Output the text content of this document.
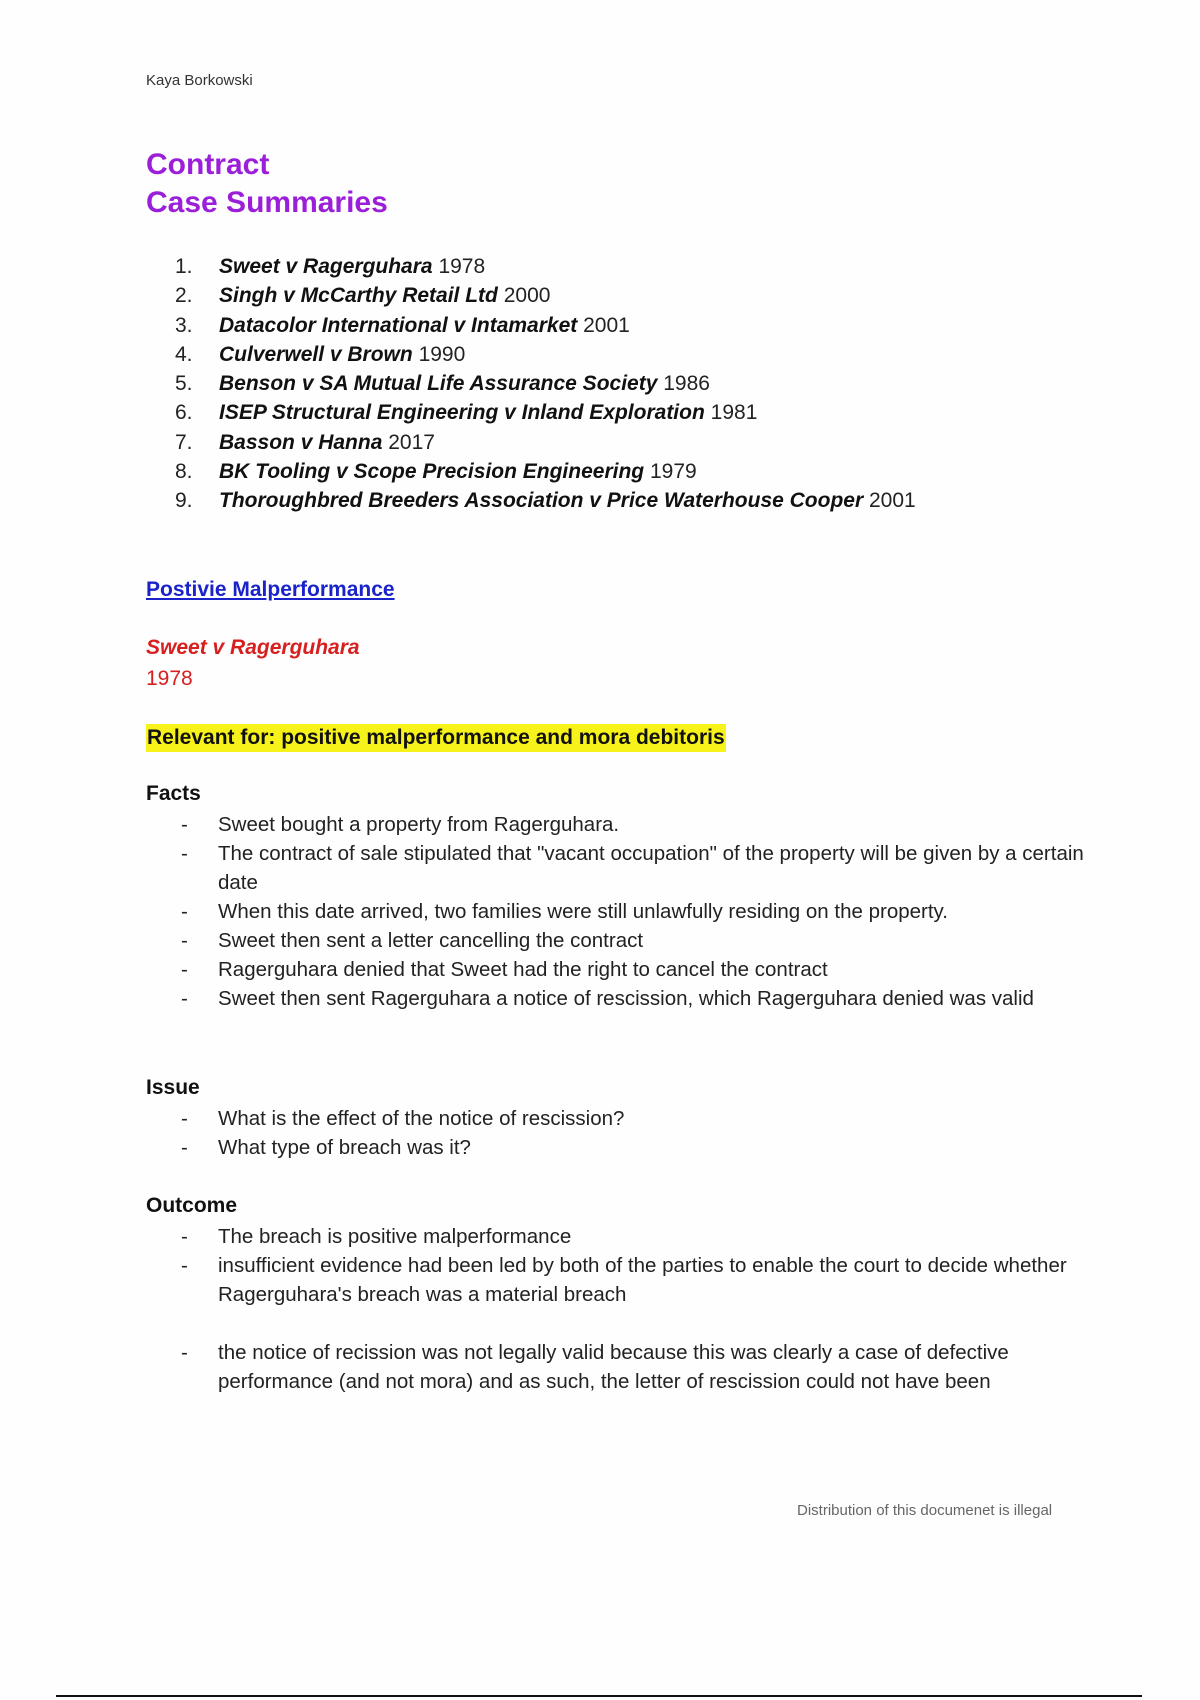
Kaya Borkowski
Contract
Case Summaries
1. Sweet v Ragerguhara 1978
2. Singh v McCarthy Retail Ltd 2000
3. Datacolor International v Intamarket 2001
4. Culverwell v Brown 1990
5. Benson v SA Mutual Life Assurance Society 1986
6. ISEP Structural Engineering v Inland Exploration 1981
7. Basson v Hanna 2017
8. BK Tooling v Scope Precision Engineering 1979
9. Thoroughbred Breeders Association v Price Waterhouse Cooper 2001
Postivie Malperformance
Sweet v Ragerguhara
1978
Relevant for: positive malperformance and mora debitoris
Facts
- Sweet bought a property from Ragerguhara.
- The contract of sale stipulated that "vacant occupation" of the property will be given by a certain date
- When this date arrived, two families were still unlawfully residing on the property.
- Sweet then sent a letter cancelling the contract
- Ragerguhara denied that Sweet had the right to cancel the contract
- Sweet then sent Ragerguhara a notice of rescission, which Ragerguhara denied was valid
Issue
- What is the effect of the notice of rescission?
- What type of breach was it?
Outcome
- The breach is positive malperformance
- insufficient evidence had been led by both of the parties to enable the court to decide whether Ragerguhara's breach was a material breach
- the notice of recission was not legally valid because this was clearly a case of defective performance (and not mora) and as such, the letter of rescission could not have been
Distribution of this documenet is illegal
